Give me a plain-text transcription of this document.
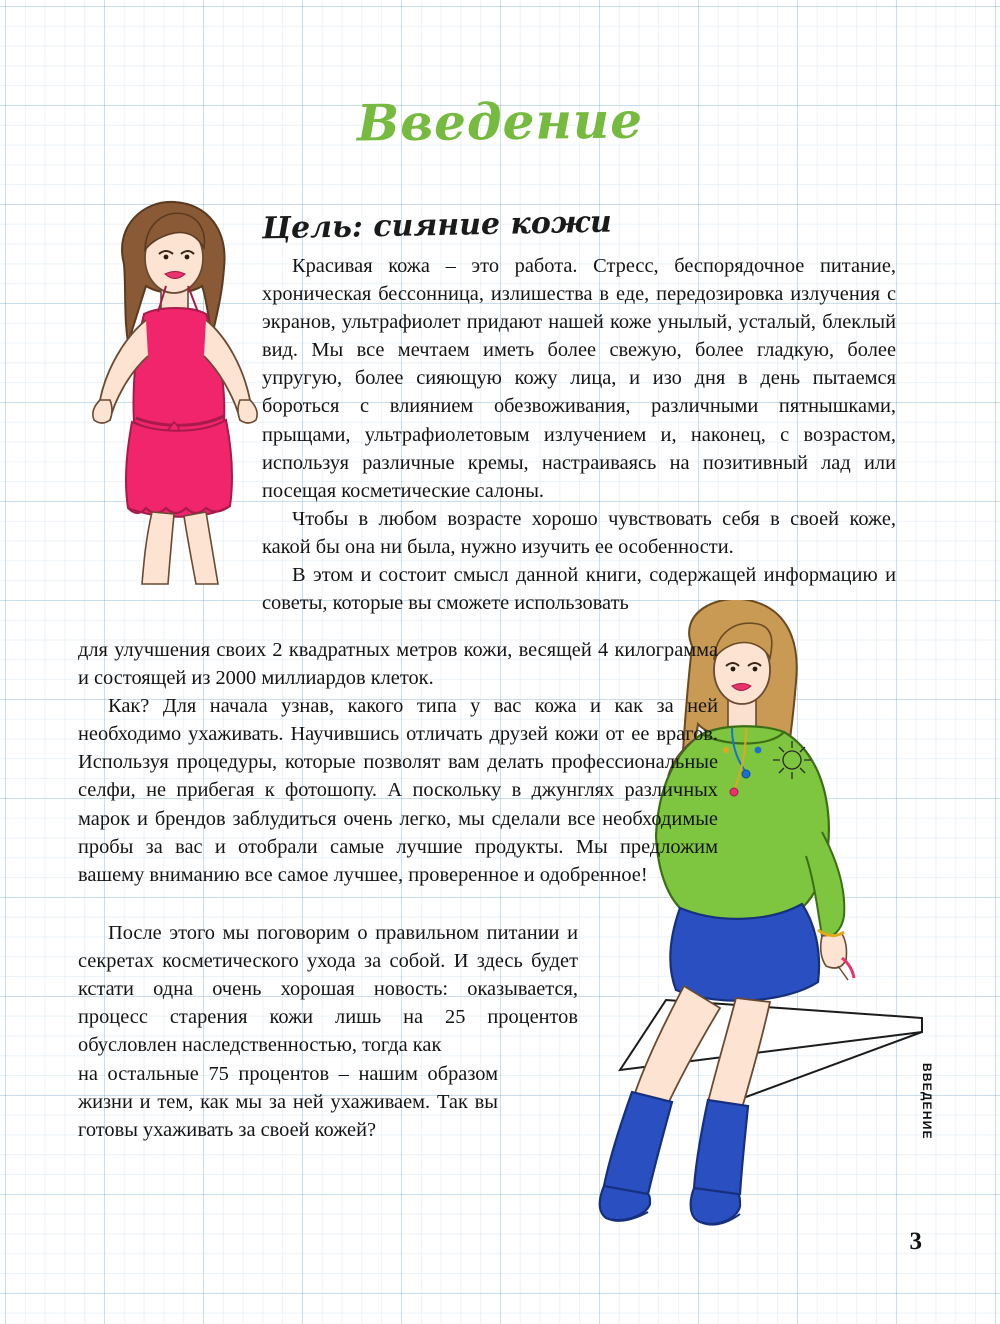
Введение
Цель: сияние кожи

Красивая кожа – это работа. Стресс, беспорядочное питание, хроническая бессонница, излишества в еде, передозировка излучения с экранов, ультрафиолет придают нашей коже унылый, усталый, блеклый вид. Мы все мечтаем иметь более свежую, более гладкую, более упругую, более сияющую кожу лица, и изо дня в день пытаемся бороться с влиянием обезвоживания, различными пятнышками, прыщами, ультрафиолетовым излучением и, наконец, с возрастом, используя различные кремы, настраиваясь на позитивный лад или посещая косметические салоны.

Чтобы в любом возрасте хорошо чувствовать себя в своей коже, какой бы она ни была, нужно изучить ее особенности.

В этом и состоит смысл данной книги, содержащей информацию и советы, которые вы сможете использовать

для улучшения своих 2 квадратных метров кожи, весящей 4 килограмма и состоящей из 2000 миллиардов клеток.

Как? Для начала узнав, какого типа у вас кожа и как за ней необходимо ухаживать. Научившись отличать друзей кожи от ее врагов. Используя процедуры, которые позволят вам делать профессиональные селфи, не прибегая к фотошопу. А поскольку в джунглях различных марок и брендов заблудиться очень легко, мы сделали все необходимые пробы за вас и отобрали самые лучшие продукты. Мы предложим вашему вниманию все самое лучшее, проверенное и одобренное!

После этого мы поговорим о правильном питании и секретах косметического ухода за собой. И здесь будет кстати одна очень хорошая новость: оказывается, процесс старения кожи лишь на 25 процентов обусловлен наследственностью, тогда как

на остальные 75 процентов – нашим образом жизни и тем, как мы за ней ухаживаем. Так вы готовы ухаживать за своей кожей?	ВВЕДЕНИЕ
3
